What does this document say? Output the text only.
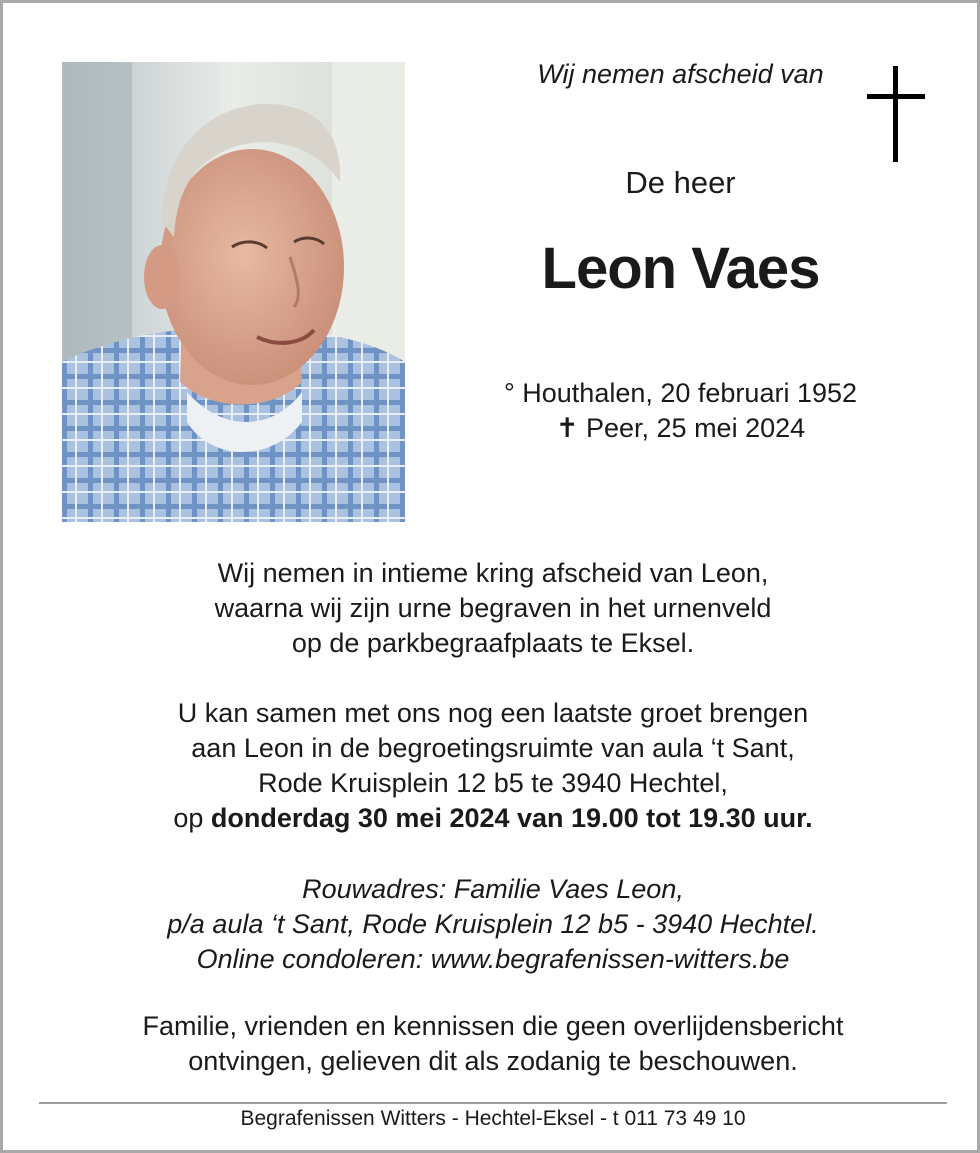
Wij nemen afscheid van
De heer
Leon Vaes
° Houthalen, 20 februari 1952
✝ Peer, 25 mei 2024
Wij nemen in intieme kring afscheid van Leon,
waarna wij zijn urne begraven in het urnenveld
op de parkbegraafplaats te Eksel.
U kan samen met ons nog een laatste groet brengen
aan Leon in de begroetingsruimte van aula ‘t Sant,
Rode Kruisplein 12 b5 te 3940 Hechtel,
op donderdag 30 mei 2024 van 19.00 tot 19.30 uur.
Rouwadres: Familie Vaes Leon,
p/a aula ‘t Sant, Rode Kruisplein 12 b5 - 3940 Hechtel.
Online condoleren: www.begrafenissen-witters.be
Familie, vrienden en kennissen die geen overlijdensbericht
ontvingen, gelieven dit als zodanig te beschouwen.
Begrafenissen Witters - Hechtel-Eksel - t 011 73 49 10
